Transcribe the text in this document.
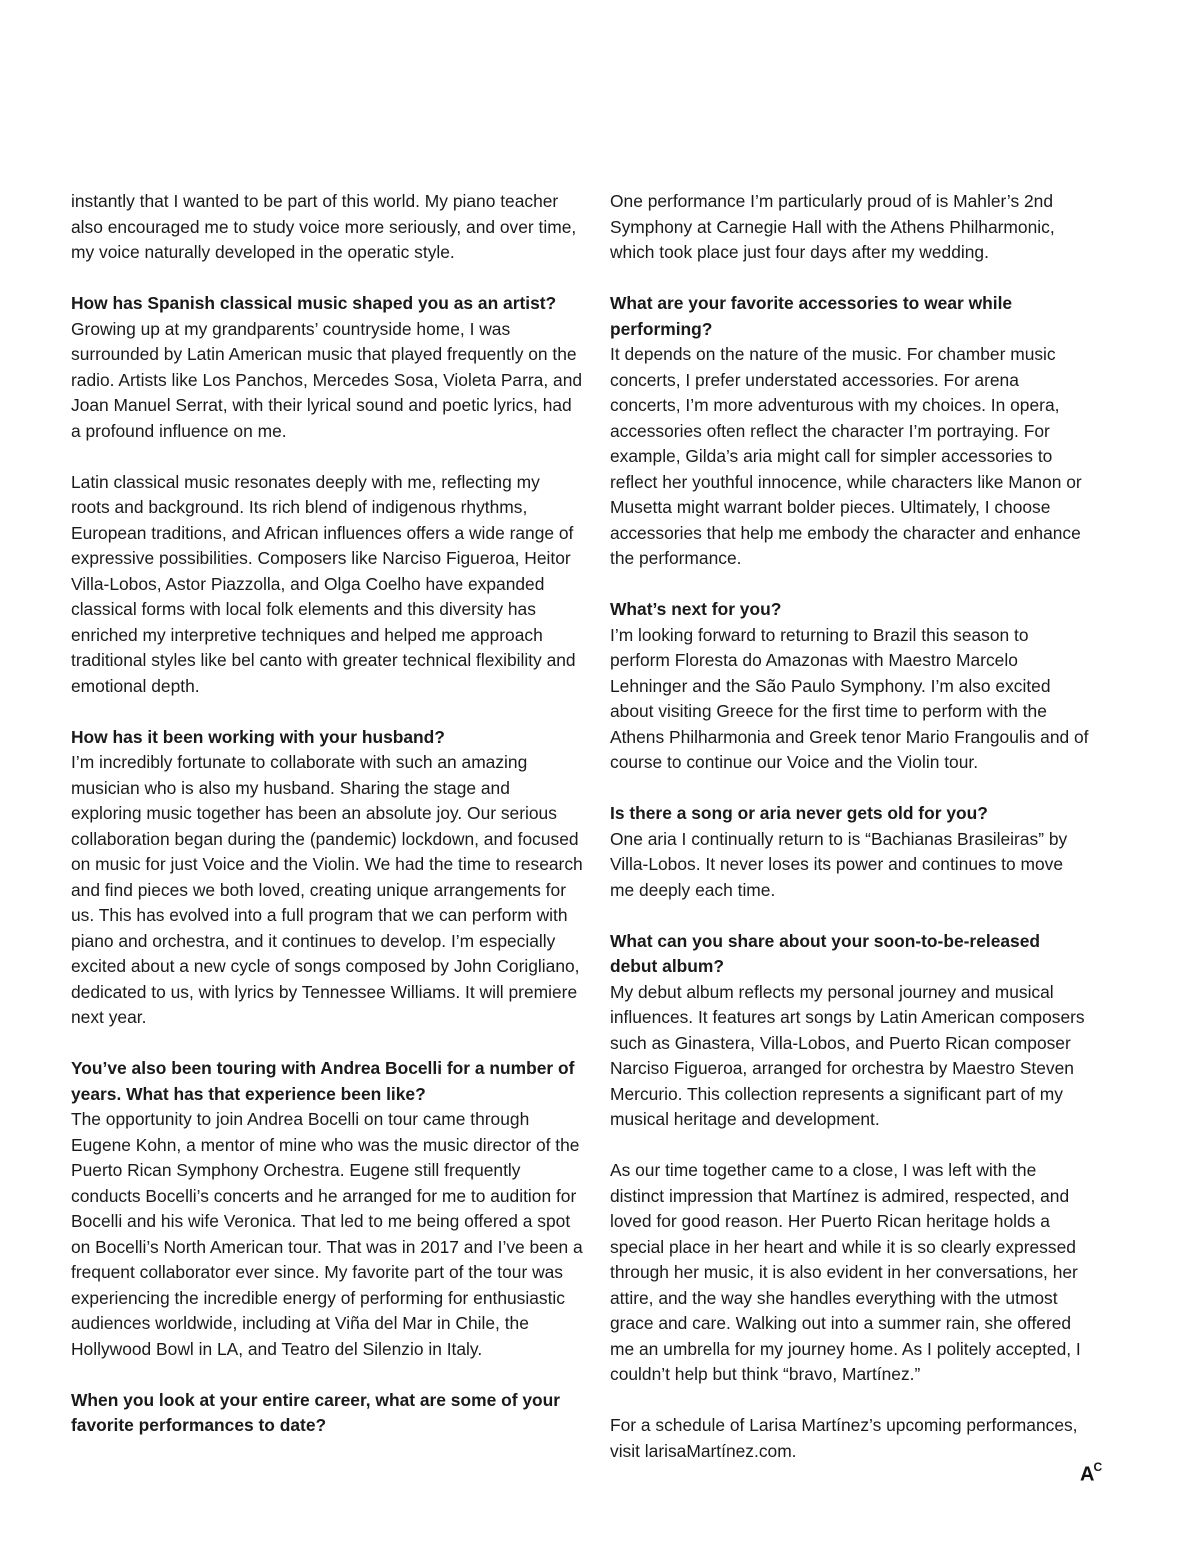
instantly that I wanted to be part of this world. My piano teacher also encouraged me to study voice more seriously, and over time, my voice naturally developed in the operatic style.

How has Spanish classical music shaped you as an artist?

Growing up at my grandparents’ countryside home, I was surrounded by Latin American music that played frequently on the radio. Artists like Los Panchos, Mercedes Sosa, Violeta Parra, and Joan Manuel Serrat, with their lyrical sound and poetic lyrics, had a profound influence on me.

Latin classical music resonates deeply with me, reflecting my roots and background. Its rich blend of indigenous rhythms, European traditions, and African influences offers a wide range of expressive possibilities. Composers like Narciso Figueroa, Heitor Villa-Lobos, Astor Piazzolla, and Olga Coelho have expanded classical forms with local folk elements and this diversity has enriched my interpretive techniques and helped me approach traditional styles like bel canto with greater technical flexibility and emotional depth.

How has it been working with your husband?

I’m incredibly fortunate to collaborate with such an amazing musician who is also my husband. Sharing the stage and exploring music together has been an absolute joy. Our serious collaboration began during the (pandemic) lockdown, and focused on music for just Voice and the Violin. We had the time to research and find pieces we both loved, creating unique arrangements for us. This has evolved into a full program that we can perform with piano and orchestra, and it continues to develop. I’m especially excited about a new cycle of songs composed by John Corigliano, dedicated to us, with lyrics by Tennessee Williams. It will premiere next year.

You’ve also been touring with Andrea Bocelli for a number of years. What has that experience been like?

The opportunity to join Andrea Bocelli on tour came through Eugene Kohn, a mentor of mine who was the music director of the Puerto Rican Symphony Orchestra. Eugene still frequently conducts Bocelli’s concerts and he arranged for me to audition for Bocelli and his wife Veronica. That led to me being offered a spot on Bocelli’s North American tour. That was in 2017 and I’ve been a frequent collaborator ever since. My favorite part of the tour was experiencing the incredible energy of performing for enthusiastic audiences worldwide, including at Viña del Mar in Chile, the Hollywood Bowl in LA, and Teatro del Silenzio in Italy.

When you look at your entire career, what are some of your favorite performances to date?

One performance I’m particularly proud of is Mahler’s 2nd Symphony at Carnegie Hall with the Athens Philharmonic, which took place just four days after my wedding.

What are your favorite accessories to wear while performing?

It depends on the nature of the music. For chamber music concerts, I prefer understated accessories. For arena concerts, I’m more adventurous with my choices. In opera, accessories often reflect the character I’m portraying. For example, Gilda’s aria might call for simpler accessories to reflect her youthful innocence, while characters like Manon or Musetta might warrant bolder pieces. Ultimately, I choose accessories that help me embody the character and enhance the performance.

What’s next for you?

I’m looking forward to returning to Brazil this season to perform Floresta do Amazonas with Maestro Marcelo Lehninger and the São Paulo Symphony. I’m also excited about visiting Greece for the first time to perform with the Athens Philharmonia and Greek tenor Mario Frangoulis and of course to continue our Voice and the Violin tour.

Is there a song or aria never gets old for you?

One aria I continually return to is “Bachianas Brasileiras” by Villa-Lobos. It never loses its power and continues to move me deeply each time.

What can you share about your soon-to-be-released debut album?

My debut album reflects my personal journey and musical influences. It features art songs by Latin American composers such as Ginastera, Villa-Lobos, and Puerto Rican composer Narciso Figueroa, arranged for orchestra by Maestro Steven Mercurio. This collection represents a significant part of my musical heritage and development.

As our time together came to a close, I was left with the distinct impression that Martínez is admired, respected, and loved for good reason. Her Puerto Rican heritage holds a special place in her heart and while it is so clearly expressed through her music, it is also evident in her conversations, her attire, and the way she handles everything with the utmost grace and care. Walking out into a summer rain, she offered me an umbrella for my journey home. As I politely accepted, I couldn’t help but think “bravo, Martínez.”

For a schedule of Larisa Martínez’s upcoming performances, visit larisaMartínez.com.

$A^C$
